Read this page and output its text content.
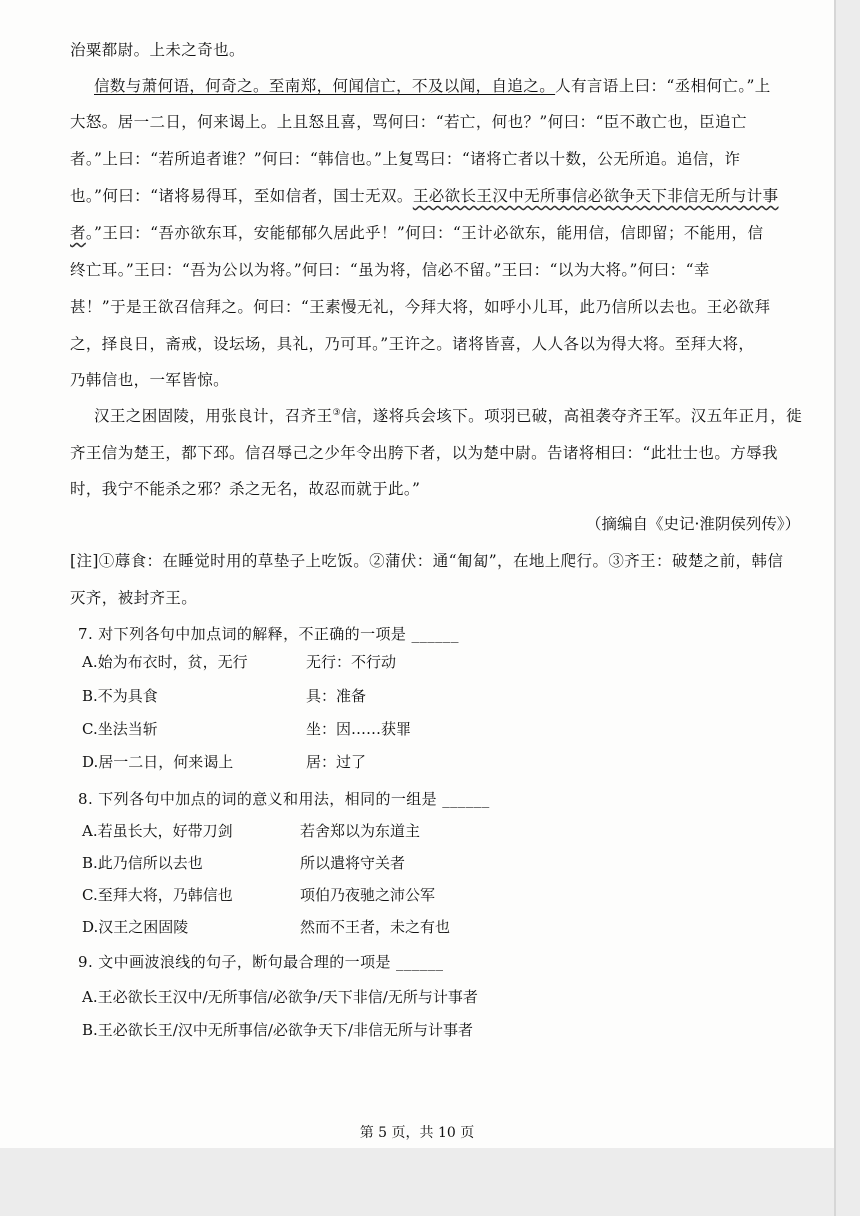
治粟都尉。上未之奇也。
信数与萧何语，何奇之。至南郑，何闻信亡，不及以闻，自追之。人有言语上曰：“丞相何亡。”上
大怒。居一二日，何来谒上。上且怒且喜，骂何曰：“若亡，何也？”何曰：“臣不敢亡也，臣追亡
者。”上曰：“若所追者谁？”何曰：“韩信也。”上复骂曰：“诸将亡者以十数，公无所追。追信，诈
也。”何曰：“诸将易得耳，至如信者，国士无双。王必欲长王汉中无所事信必欲争天下非信无所与计事
者。”王曰：“吾亦欲东耳，安能郁郁久居此乎！”何曰：“王计必欲东，能用信，信即留；不能用，信
终亡耳。”王曰：“吾为公以为将。”何曰：“虽为将，信必不留。”王曰：“以为大将。”何曰：“幸
甚！”于是王欲召信拜之。何曰：“王素慢无礼，今拜大将，如呼小儿耳，此乃信所以去也。王必欲拜
之，择良日，斋戒，设坛场，具礼，乃可耳。”王许之。诸将皆喜，人人各以为得大将。至拜大将，
乃韩信也，一军皆惊。
汉王之困固陵，用张良计，召齐王③信，遂将兵会垓下。项羽已破，高祖袭夺齐王军。汉五年正月，徙
齐王信为楚王，都下邳。信召辱己之少年令出胯下者，以为楚中尉。告诸将相曰：“此壮士也。方辱我
时，我宁不能杀之邪？杀之无名，故忍而就于此。”
（摘编自《史记·淮阴侯列传》）
[注]①蓐食：在睡觉时用的草垫子上吃饭。②蒲伏：通“匍匐”，在地上爬行。③齐王：破楚之前，韩信
灭齐，被封齐王。
7. 对下列各句中加点词的解释，不正确的一项是 ______
A.始为布衣时，贫，无行	无行：不行动
B.不为具食	具：准备
C.坐法当斩	坐：因……获罪
D.居一二日，何来谒上	居：过了
8. 下列各句中加点的词的意义和用法，相同的一组是 ______
A.若虽长大，好带刀剑	若舍郑以为东道主
B.此乃信所以去也	所以遣将守关者
C.至拜大将，乃韩信也	项伯乃夜驰之沛公军
D.汉王之困固陵	然而不王者，未之有也
9. 文中画波浪线的句子，断句最合理的一项是 ______
A.王必欲长王汉中/无所事信/必欲争/天下非信/无所与计事者
B.王必欲长王/汉中无所事信/必欲争天下/非信无所与计事者
第 5 页，共 10 页
